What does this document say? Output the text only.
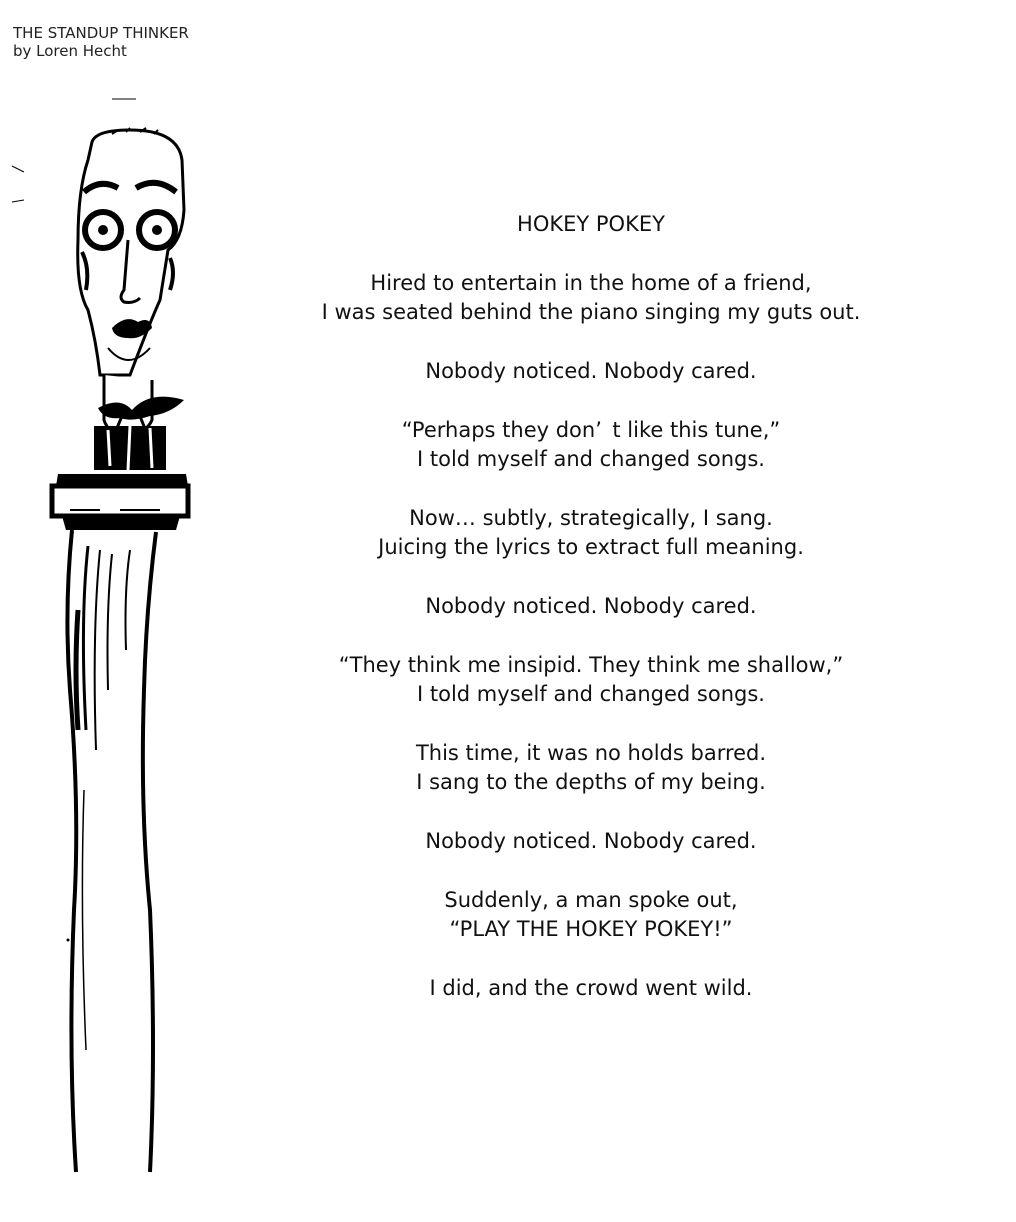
THE STANDUP THINKER
by Loren Hecht
HOKEY POKEY
Hired to entertain in the home of a friend,
I was seated behind the piano singing my guts out.
Nobody noticed. Nobody cared.
“Perhaps they don’ t like this tune,”
I told myself and changed songs.
Now… subtly, strategically, I sang.
Juicing the lyrics to extract full meaning.
Nobody noticed. Nobody cared.
“They think me insipid. They think me shallow,”
I told myself and changed songs.
This time, it was no holds barred.
I sang to the depths of my being.
Nobody noticed. Nobody cared.
Suddenly, a man spoke out,
“PLAY THE HOKEY POKEY!”
I did, and the crowd went wild.
